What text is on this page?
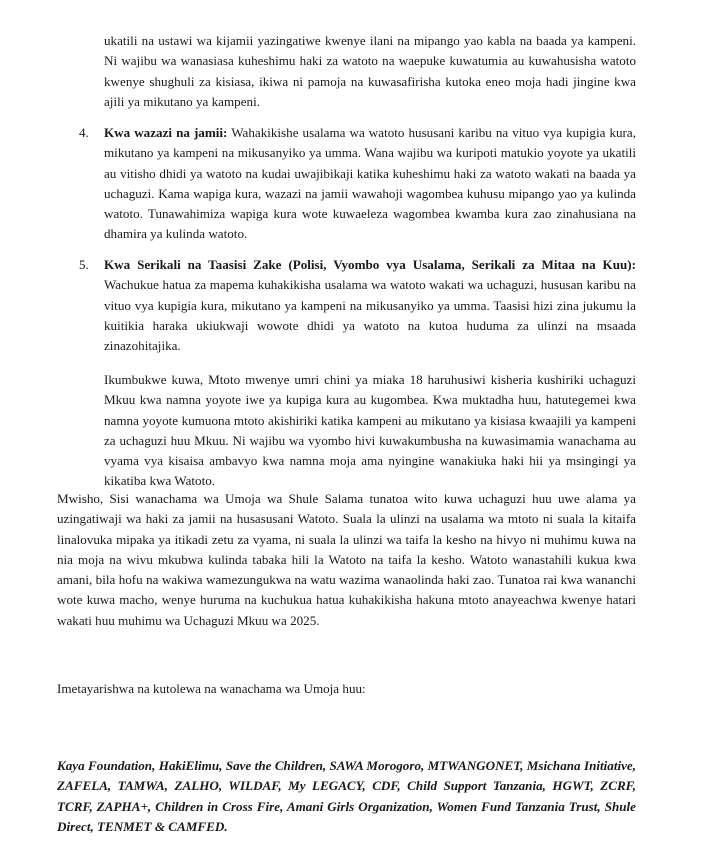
ukatili na ustawi wa kijamii yazingatiwe kwenye ilani na mipango yao kabla na baada ya kampeni. Ni wajibu wa wanasiasa kuheshimu haki za watoto na waepuke kuwatumia au kuwahusisha watoto kwenye shughuli za kisiasa, ikiwa ni pamoja na kuwasafirisha kutoka eneo moja hadi jingine kwa ajili ya mikutano ya kampeni.

4.	Kwa wazazi na jamii: Wahakikishe usalama wa watoto hususani karibu na vituo vya kupigia kura, mikutano ya kampeni na mikusanyiko ya umma. Wana wajibu wa kuripoti matukio yoyote ya ukatili au vitisho dhidi ya watoto na kudai uwajibikaji katika kuheshimu haki za watoto wakati na baada ya uchaguzi. Kama wapiga kura, wazazi na jamii wawahoji wagombea kuhusu mipango yao ya kulinda watoto. Tunawahimiza wapiga kura wote kuwaeleza wagombea kwamba kura zao zinahusiana na dhamira ya kulinda watoto.

5.	Kwa Serikali na Taasisi Zake (Polisi, Vyombo vya Usalama, Serikali za Mitaa na Kuu): Wachukue hatua za mapema kuhakikisha usalama wa watoto wakati wa uchaguzi, hususan karibu na vituo vya kupigia kura, mikutano ya kampeni na mikusanyiko ya umma. Taasisi hizi zina jukumu la kuitikia haraka ukiukwaji wowote dhidi ya watoto na kutoa huduma za ulinzi na msaada zinazohitajika.

Ikumbukwe kuwa, Mtoto mwenye umri chini ya miaka 18 haruhusiwi kisheria kushiriki uchaguzi Mkuu kwa namna yoyote iwe ya kupiga kura au kugombea. Kwa muktadha huu, hatutegemei kwa namna yoyote kumuona mtoto akishiriki katika kampeni au mikutano ya kisiasa kwaajili ya kampeni za uchaguzi huu Mkuu. Ni wajibu wa vyombo hivi kuwakumbusha na kuwasimamia wanachama au vyama vya kisaisa ambavyo kwa namna moja ama nyingine wanakiuka haki hii ya msingingi ya kikatiba kwa Watoto.

Mwisho, Sisi wanachama wa Umoja wa Shule Salama tunatoa wito kuwa uchaguzi huu uwe alama ya uzingatiwaji wa haki za jamii na husasusani Watoto. Suala la ulinzi na usalama wa mtoto ni suala la kitaifa linalovuka mipaka ya itikadi zetu za vyama, ni suala la ulinzi wa taifa la kesho na hivyo ni muhimu kuwa na nia moja na wivu mkubwa kulinda tabaka hili la Watoto na taifa la kesho. Watoto wanastahili kukua kwa amani, bila hofu na wakiwa wamezungukwa na watu wazima wanaolinda haki zao. Tunatoa rai kwa wananchi wote kuwa macho, wenye huruma na kuchukua hatua kuhakikisha hakuna mtoto anayeachwa kwenye hatari wakati huu muhimu wa Uchaguzi Mkuu wa 2025.

Imetayarishwa na kutolewa na wanachama wa Umoja huu:

Kaya Foundation, HakiElimu, Save the Children, SAWA Morogoro, MTWANGONET, Msichana Initiative, ZAFELA, TAMWA, ZALHO, WILDAF, My LEGACY, CDF, Child Support Tanzania, HGWT, ZCRF, TCRF, ZAPHA+, Children in Cross Fire, Amani Girls Organization, Women Fund Tanzania Trust, Shule Direct, TENMET & CAMFED.
